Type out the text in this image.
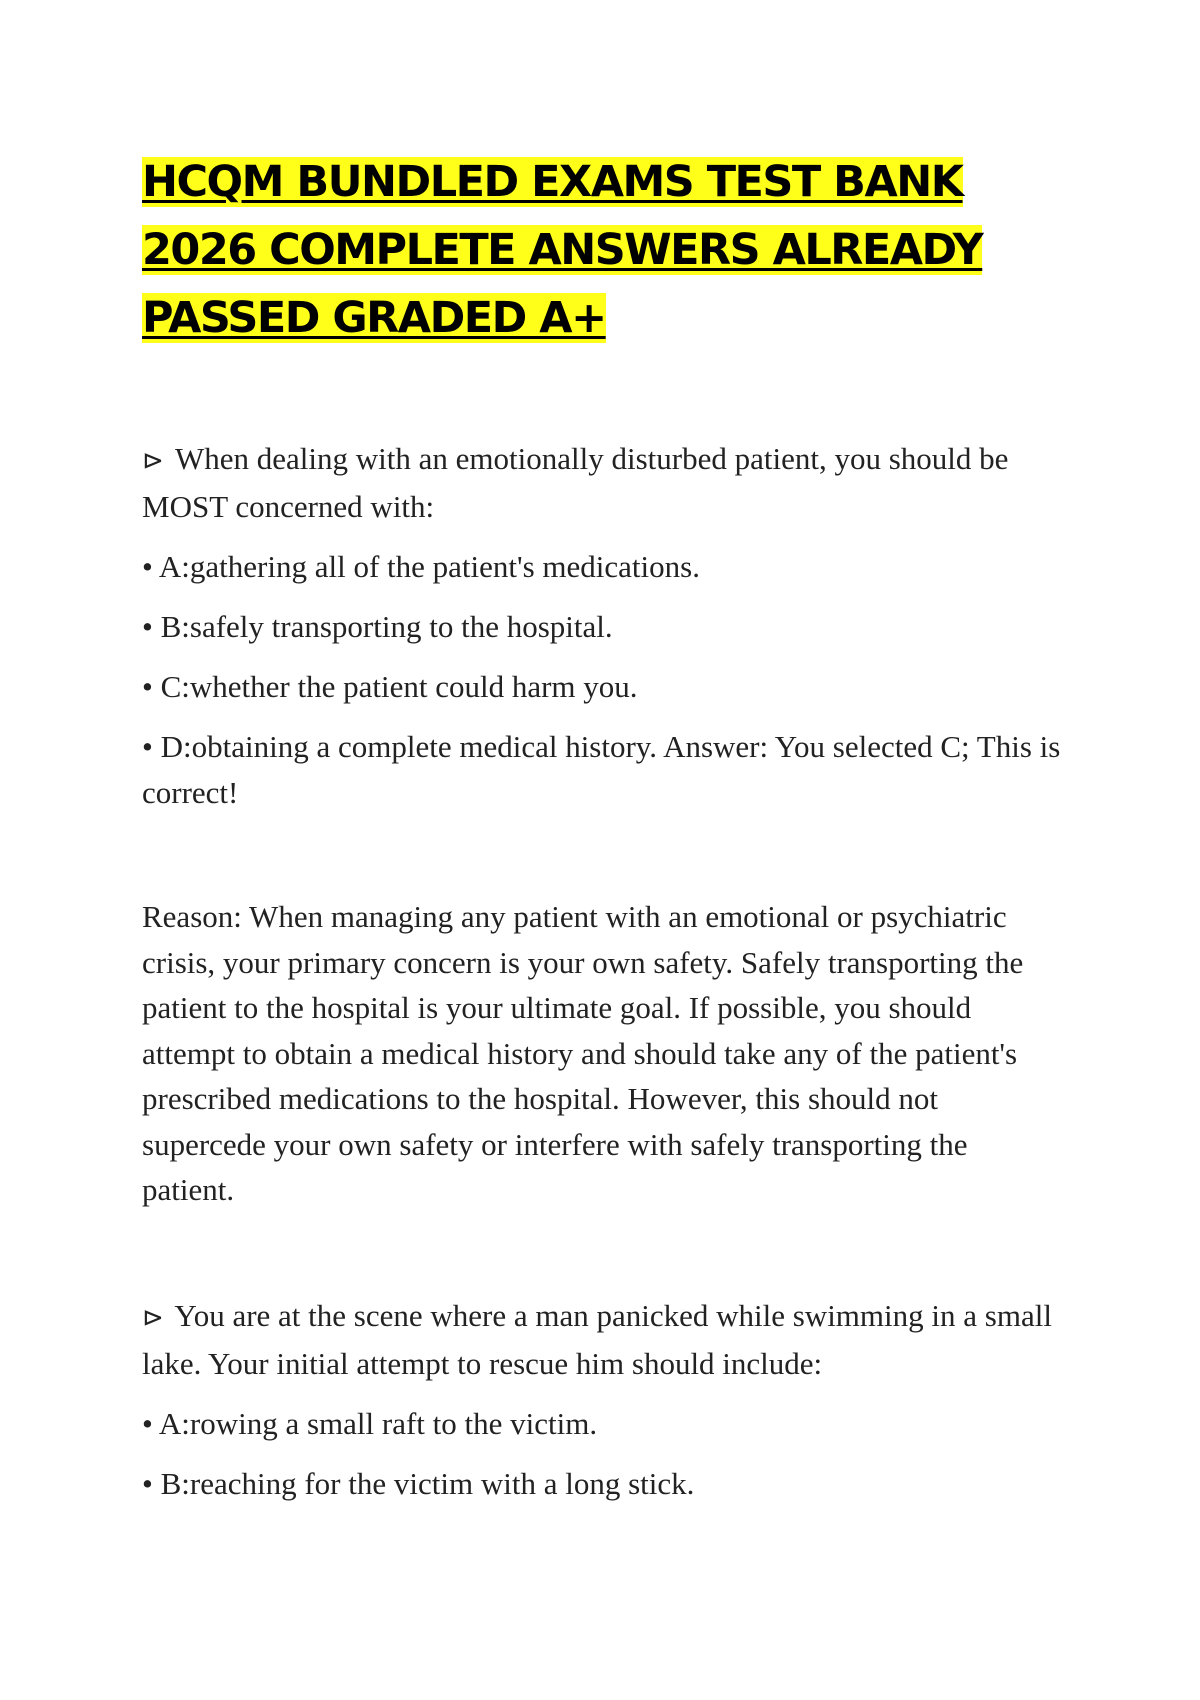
HCQM BUNDLED EXAMS TEST BANK 2026 COMPLETE ANSWERS ALREADY PASSED GRADED A+

⊳ When dealing with an emotionally disturbed patient, you should be MOST concerned with:

• A:gathering all of the patient's medications.

• B:safely transporting to the hospital.

• C:whether the patient could harm you.

• D:obtaining a complete medical history. Answer: You selected C; This is correct!

Reason: When managing any patient with an emotional or psychiatric crisis, your primary concern is your own safety. Safely transporting the patient to the hospital is your ultimate goal. If possible, you should attempt to obtain a medical history and should take any of the patient's prescribed medications to the hospital. However, this should not supercede your own safety or interfere with safely transporting the patient.

⊳ You are at the scene where a man panicked while swimming in a small lake. Your initial attempt to rescue him should include:

• A:rowing a small raft to the victim.

• B:reaching for the victim with a long stick.
